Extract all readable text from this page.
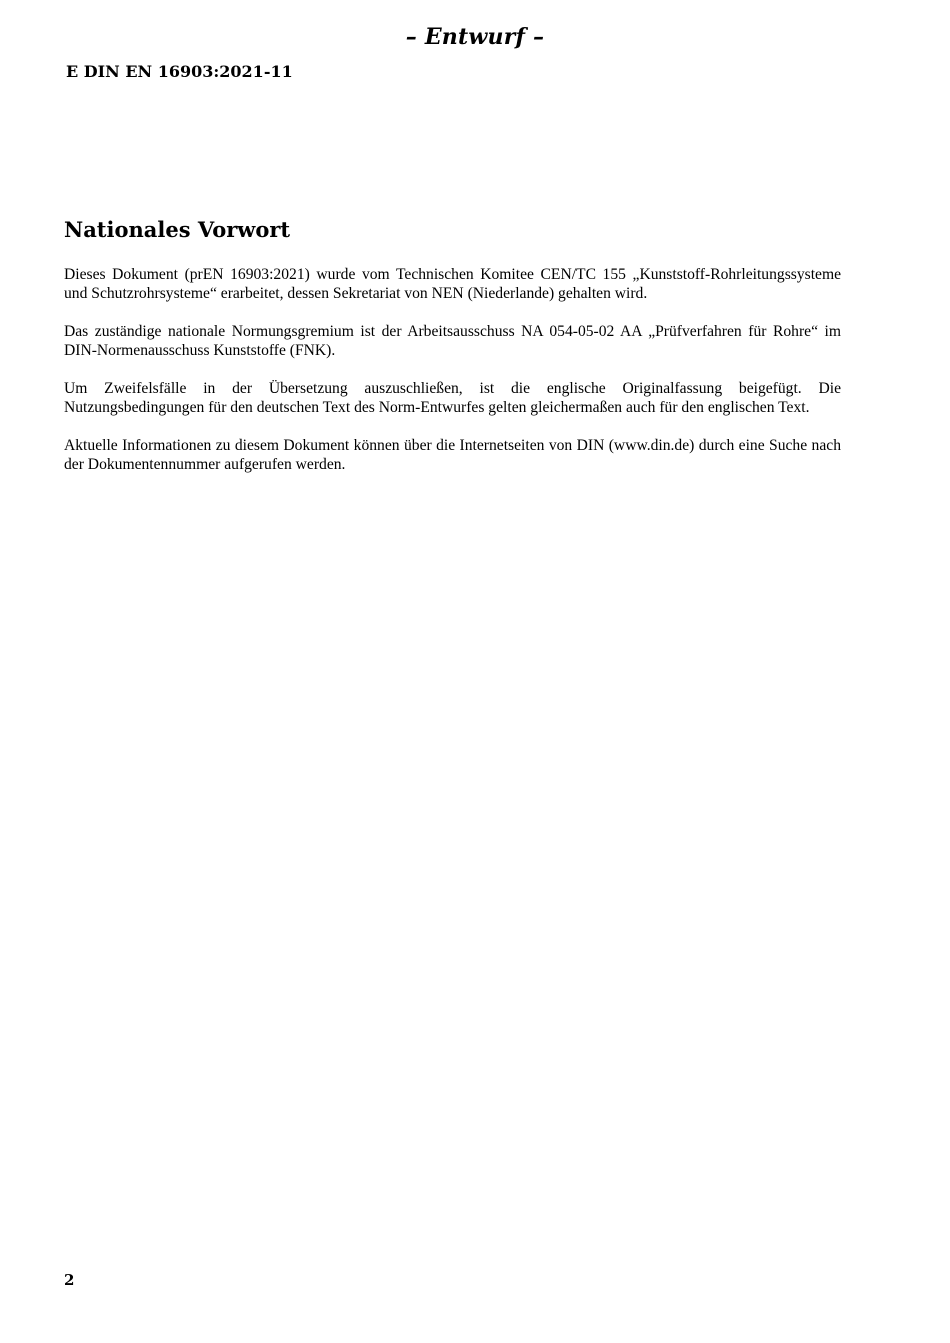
– Entwurf –
E DIN EN 16903:2021-11
Nationales Vorwort

Dieses Dokument (prEN 16903:2021) wurde vom Technischen Komitee CEN/TC 155 „Kunststoff-Rohrleitungssysteme und Schutzrohrsysteme“ erarbeitet, dessen Sekretariat von NEN (Niederlande) gehalten wird.

Das zuständige nationale Normungsgremium ist der Arbeitsausschuss NA 054-05-02 AA „Prüfverfahren für Rohre“ im DIN-Normenausschuss Kunststoffe (FNK).

Um Zweifelsfälle in der Übersetzung auszuschließen, ist die englische Originalfassung beigefügt. Die Nutzungsbedingungen für den deutschen Text des Norm-Entwurfes gelten gleichermaßen auch für den englischen Text.

Aktuelle Informationen zu diesem Dokument können über die Internetseiten von DIN (www.din.de) durch eine Suche nach der Dokumentennummer aufgerufen werden.

2
